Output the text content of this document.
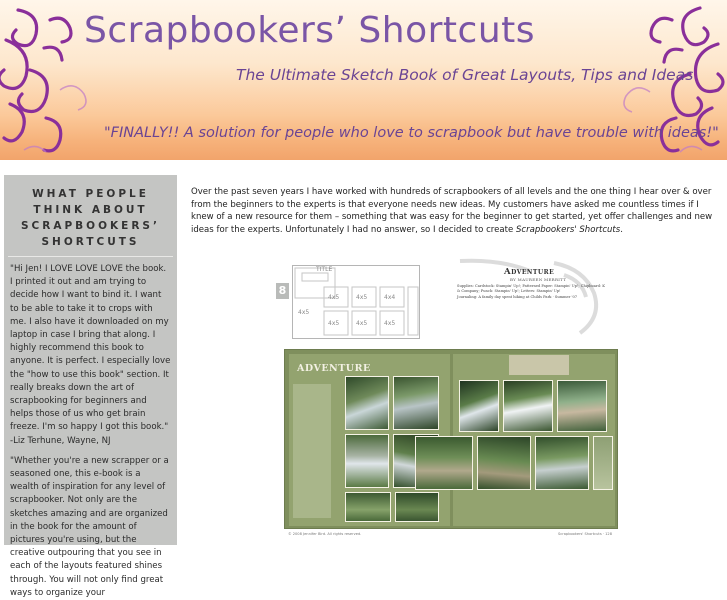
Scrapbookers’ Shortcuts
The Ultimate Sketch Book of Great Layouts, Tips and Ideas
"FINALLY!! A solution for people who love to scrapbook but have trouble with ideas!"
WHAT PEOPLE THINK ABOUT SCRAPBOOKERS’ SHORTCUTS

"Hi Jen! I LOVE LOVE LOVE the book. I printed it out and am trying to decide how I want to bind it. I want to be able to take it to crops with me. I also have it downloaded on my laptop in case I bring that along. I highly recommend this book to anyone. It is perfect. I especially love the "how to use this book" section. It really breaks down the art of scrapbooking for beginners and helps those of us who get brain freeze. I'm so happy I got this book." -Liz Terhune, Wayne, NJ

"Whether you're a new scrapper or a seasoned one, this e-book is a wealth of inspiration for any level of scrapbooker. Not only are the sketches amazing and are organized in the book for the amount of pictures you're using, but the creative outpouring that you see in each of the layouts featured shines through. You will not only find great ways to organize your

Over the past seven years I have worked with hundreds of scrapbookers of all levels and the one thing I hear over & over from the beginners to the experts is that everyone needs new ideas. My customers have asked me countless times if I knew of a new resource for them – something that was easy for the beginner to get started, yet offer challenges and new ideas for the experts. Unfortunately I had no answer, so I decided to create Scrapbookers' Shortcuts.
8
TITLE
4x5	4x5	4x4
4x5	4x5	4x5
4x5
Adventure
BY MAUREEN MERRITT
Supplies: Cardstock: Stampin' Up!; Patterned Paper: Stampin' Up!; Chipboard: K & Company; Punch: Stampin' Up!; Letters: Stampin' Up!
Journaling: A family day spent hiking at Childs Park · Summer '07
ADVENTURE
© 2008 Jennifer Bird. All rights reserved.	Scrapbookers' Shortcuts · 128
